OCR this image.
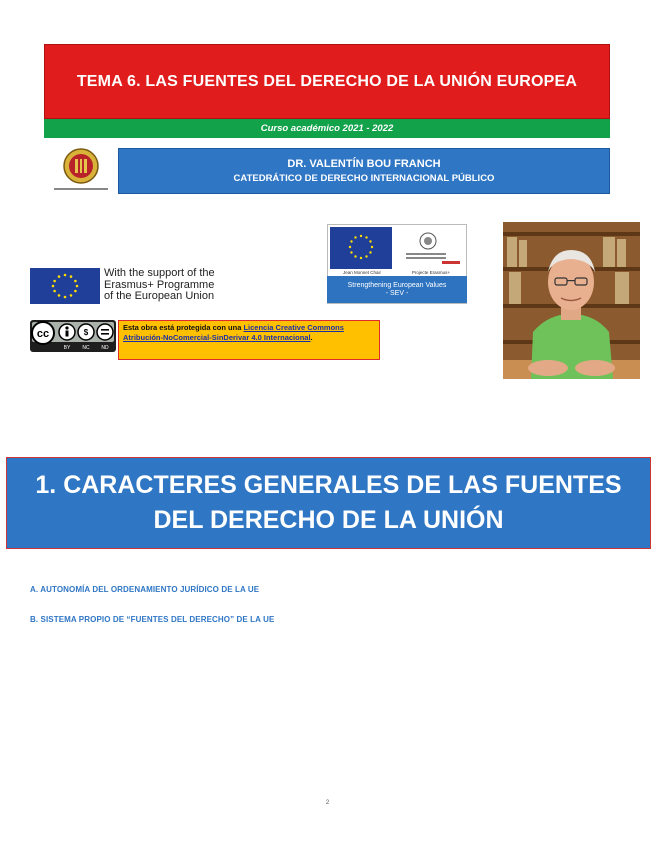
TEMA 6. LAS FUENTES DEL DERECHO DE LA UNIÓN EUROPEA
Curso académico 2021 - 2022
DR. VALENTÍN BOU FRANCH
CATEDRÁTICO DE DERECHO INTERNACIONAL PÚBLICO
With the support of the
Erasmus+ Programme
of the European Union
Jean Monnet Chair	Projecte Erasmus+
Strengthening European Values
- SEV -
cc	$
BY NC ND
Esta obra está protegida con una Licencia Creative Commons Atribución-NoComercial-SinDerivar 4.0 Internacional.
1. CARACTERES GENERALES DE LAS FUENTES DEL DERECHO DE LA UNIÓN
A. AUTONOMÍA DEL ORDENAMIENTO JURÍDICO DE LA UE
B. SISTEMA PROPIO DE “FUENTES DEL DERECHO” DE LA UE
2
